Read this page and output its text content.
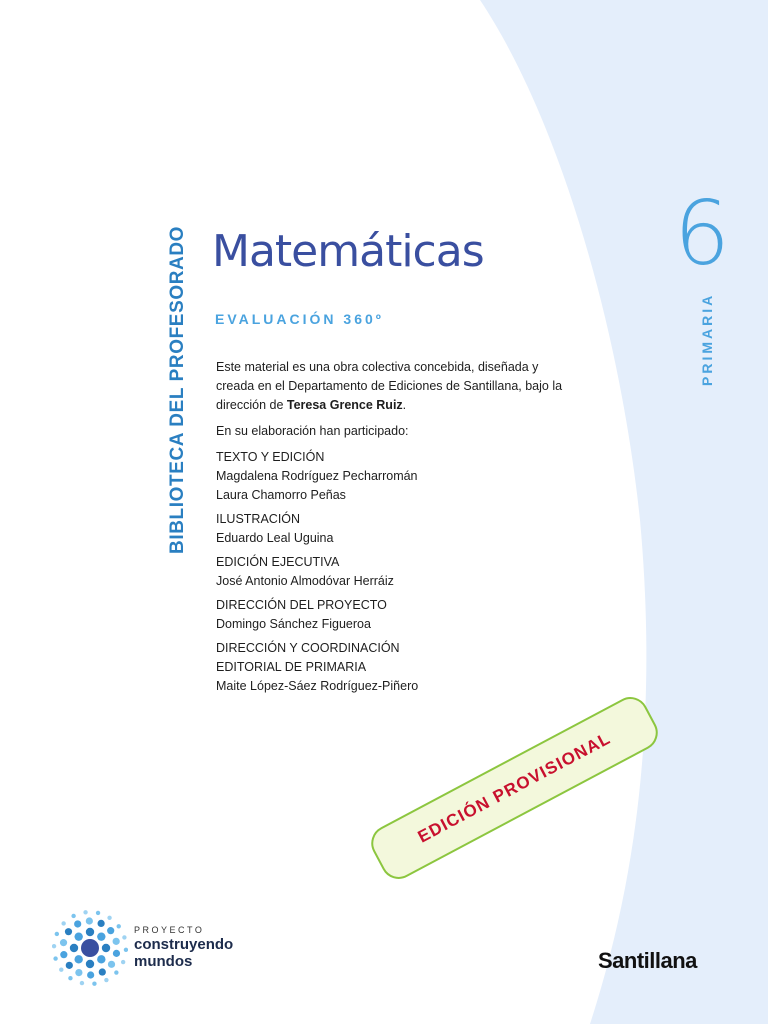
BIBLIOTECA DEL PROFESORADO Matemáticas
EVALUACIÓN 360º
6
PRIMARIA

Este material es una obra colectiva concebida, diseñada y creada en el Departamento de Ediciones de Santillana, bajo la dirección de Teresa Grence Ruiz.

En su elaboración han participado:

TEXTO Y EDICIÓN
Magdalena Rodríguez Pecharromán
Laura Chamorro Peñas
ILUSTRACIÓN
Eduardo Leal Uguina
EDICIÓN EJECUTIVA
José Antonio Almodóvar Herráiz
DIRECCIÓN DEL PROYECTO
Domingo Sánchez Figueroa
DIRECCIÓN Y COORDINACIÓN
EDITORIAL DE PRIMARIA
Maite López-Sáez Rodríguez-Piñero
EDICIÓN PROVISIONAL
PROYECTO
construyendo
mundos	Santillana
